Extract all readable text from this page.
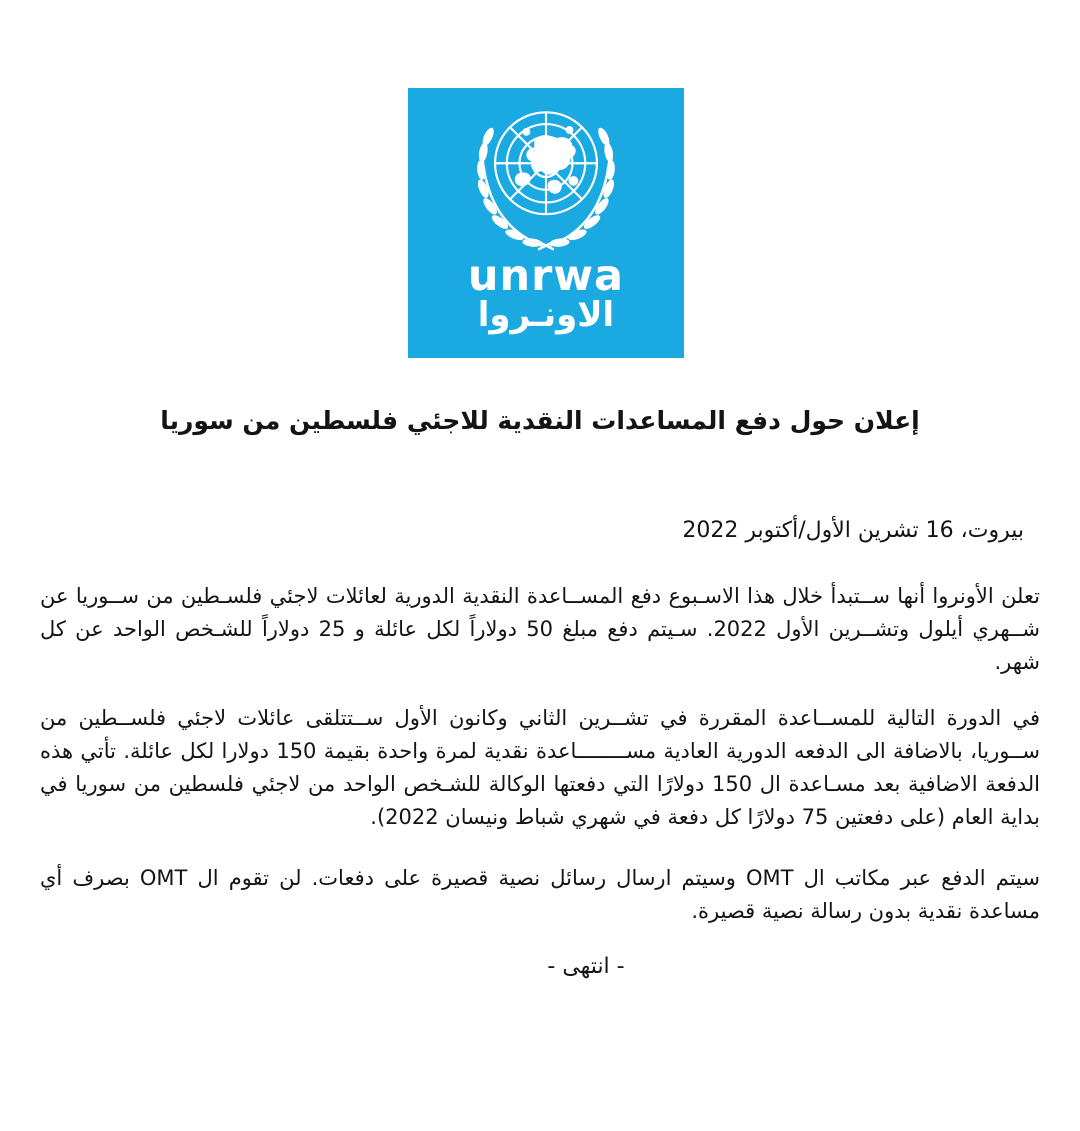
unrwa
الاونـروا
إعلان حول دفع المساعدات النقدية للاجئي فلسطين من سوريا
بيروت، 16 تشرين الأول/أكتوبر 2022

تعلن الأونروا أنها ســتبدأ خلال هذا الاسـبوع دفع المســاعدة النقدية الدورية لعائلات لاجئي فلسـطين من ســوريا عن شــهري أيلول وتشــرين الأول 2022. سـيتم دفع مبلغ 50 دولاراً لكل عائلة و 25 دولاراً للشـخص الواحد عن كل شهر.

في الدورة التالية للمســاعدة المقررة في تشــرين الثاني وكانون الأول ســتتلقى عائلات لاجئي فلســطين من ســوريا، بالاضافة الى الدفعه الدورية العادية مســــــــاعدة نقدية لمرة واحدة بقيمة 150 دولارا لكل عائلة. تأتي هذه الدفعة الاضافية بعد مسـاعدة ال 150 دولارًا التي دفعتها الوكالة للشـخص الواحد من لاجئي فلسطين من سوريا في بداية العام (على دفعتين 75 دولارًا كل دفعة في شهري شباط ونيسان 2022).

سيتم الدفع عبر مكاتب ال OMT وسيتم ارسال رسائل نصية قصيرة على دفعات. لن تقوم ال OMT بصرف أي مساعدة نقدية بدون رسالة نصية قصيرة.

- انتهى -
